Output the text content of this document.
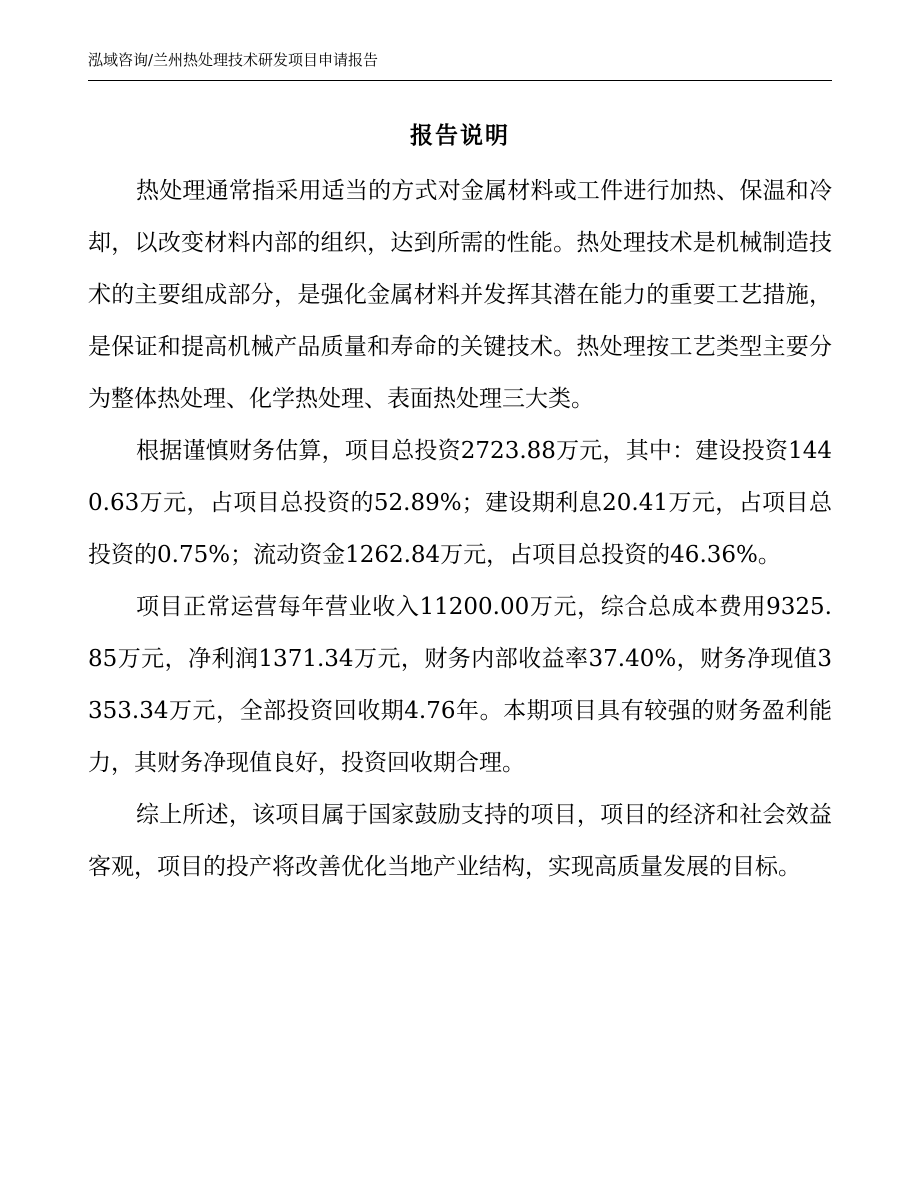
泓域咨询/兰州热处理技术研发项目申请报告
报告说明

热处理通常指采用适当的方式对金属材料或工件进行加热、保温和冷却，以改变材料内部的组织，达到所需的性能。热处理技术是机械制造技术的主要组成部分，是强化金属材料并发挥其潜在能力的重要工艺措施，是保证和提高机械产品质量和寿命的关键技术。热处理按工艺类型主要分为整体热处理、化学热处理、表面热处理三大类。

根据谨慎财务估算，项目总投资2723.88万元，其中：建设投资1440.63万元，占项目总投资的52.89%；建设期利息20.41万元，占项目总投资的0.75%；流动资金1262.84万元，占项目总投资的46.36%。

项目正常运营每年营业收入11200.00万元，综合总成本费用9325.85万元，净利润1371.34万元，财务内部收益率37.40%，财务净现值3353.34万元，全部投资回收期4.76年。本期项目具有较强的财务盈利能力，其财务净现值良好，投资回收期合理。

综上所述，该项目属于国家鼓励支持的项目，项目的经济和社会效益客观，项目的投产将改善优化当地产业结构，实现高质量发展的目标。
